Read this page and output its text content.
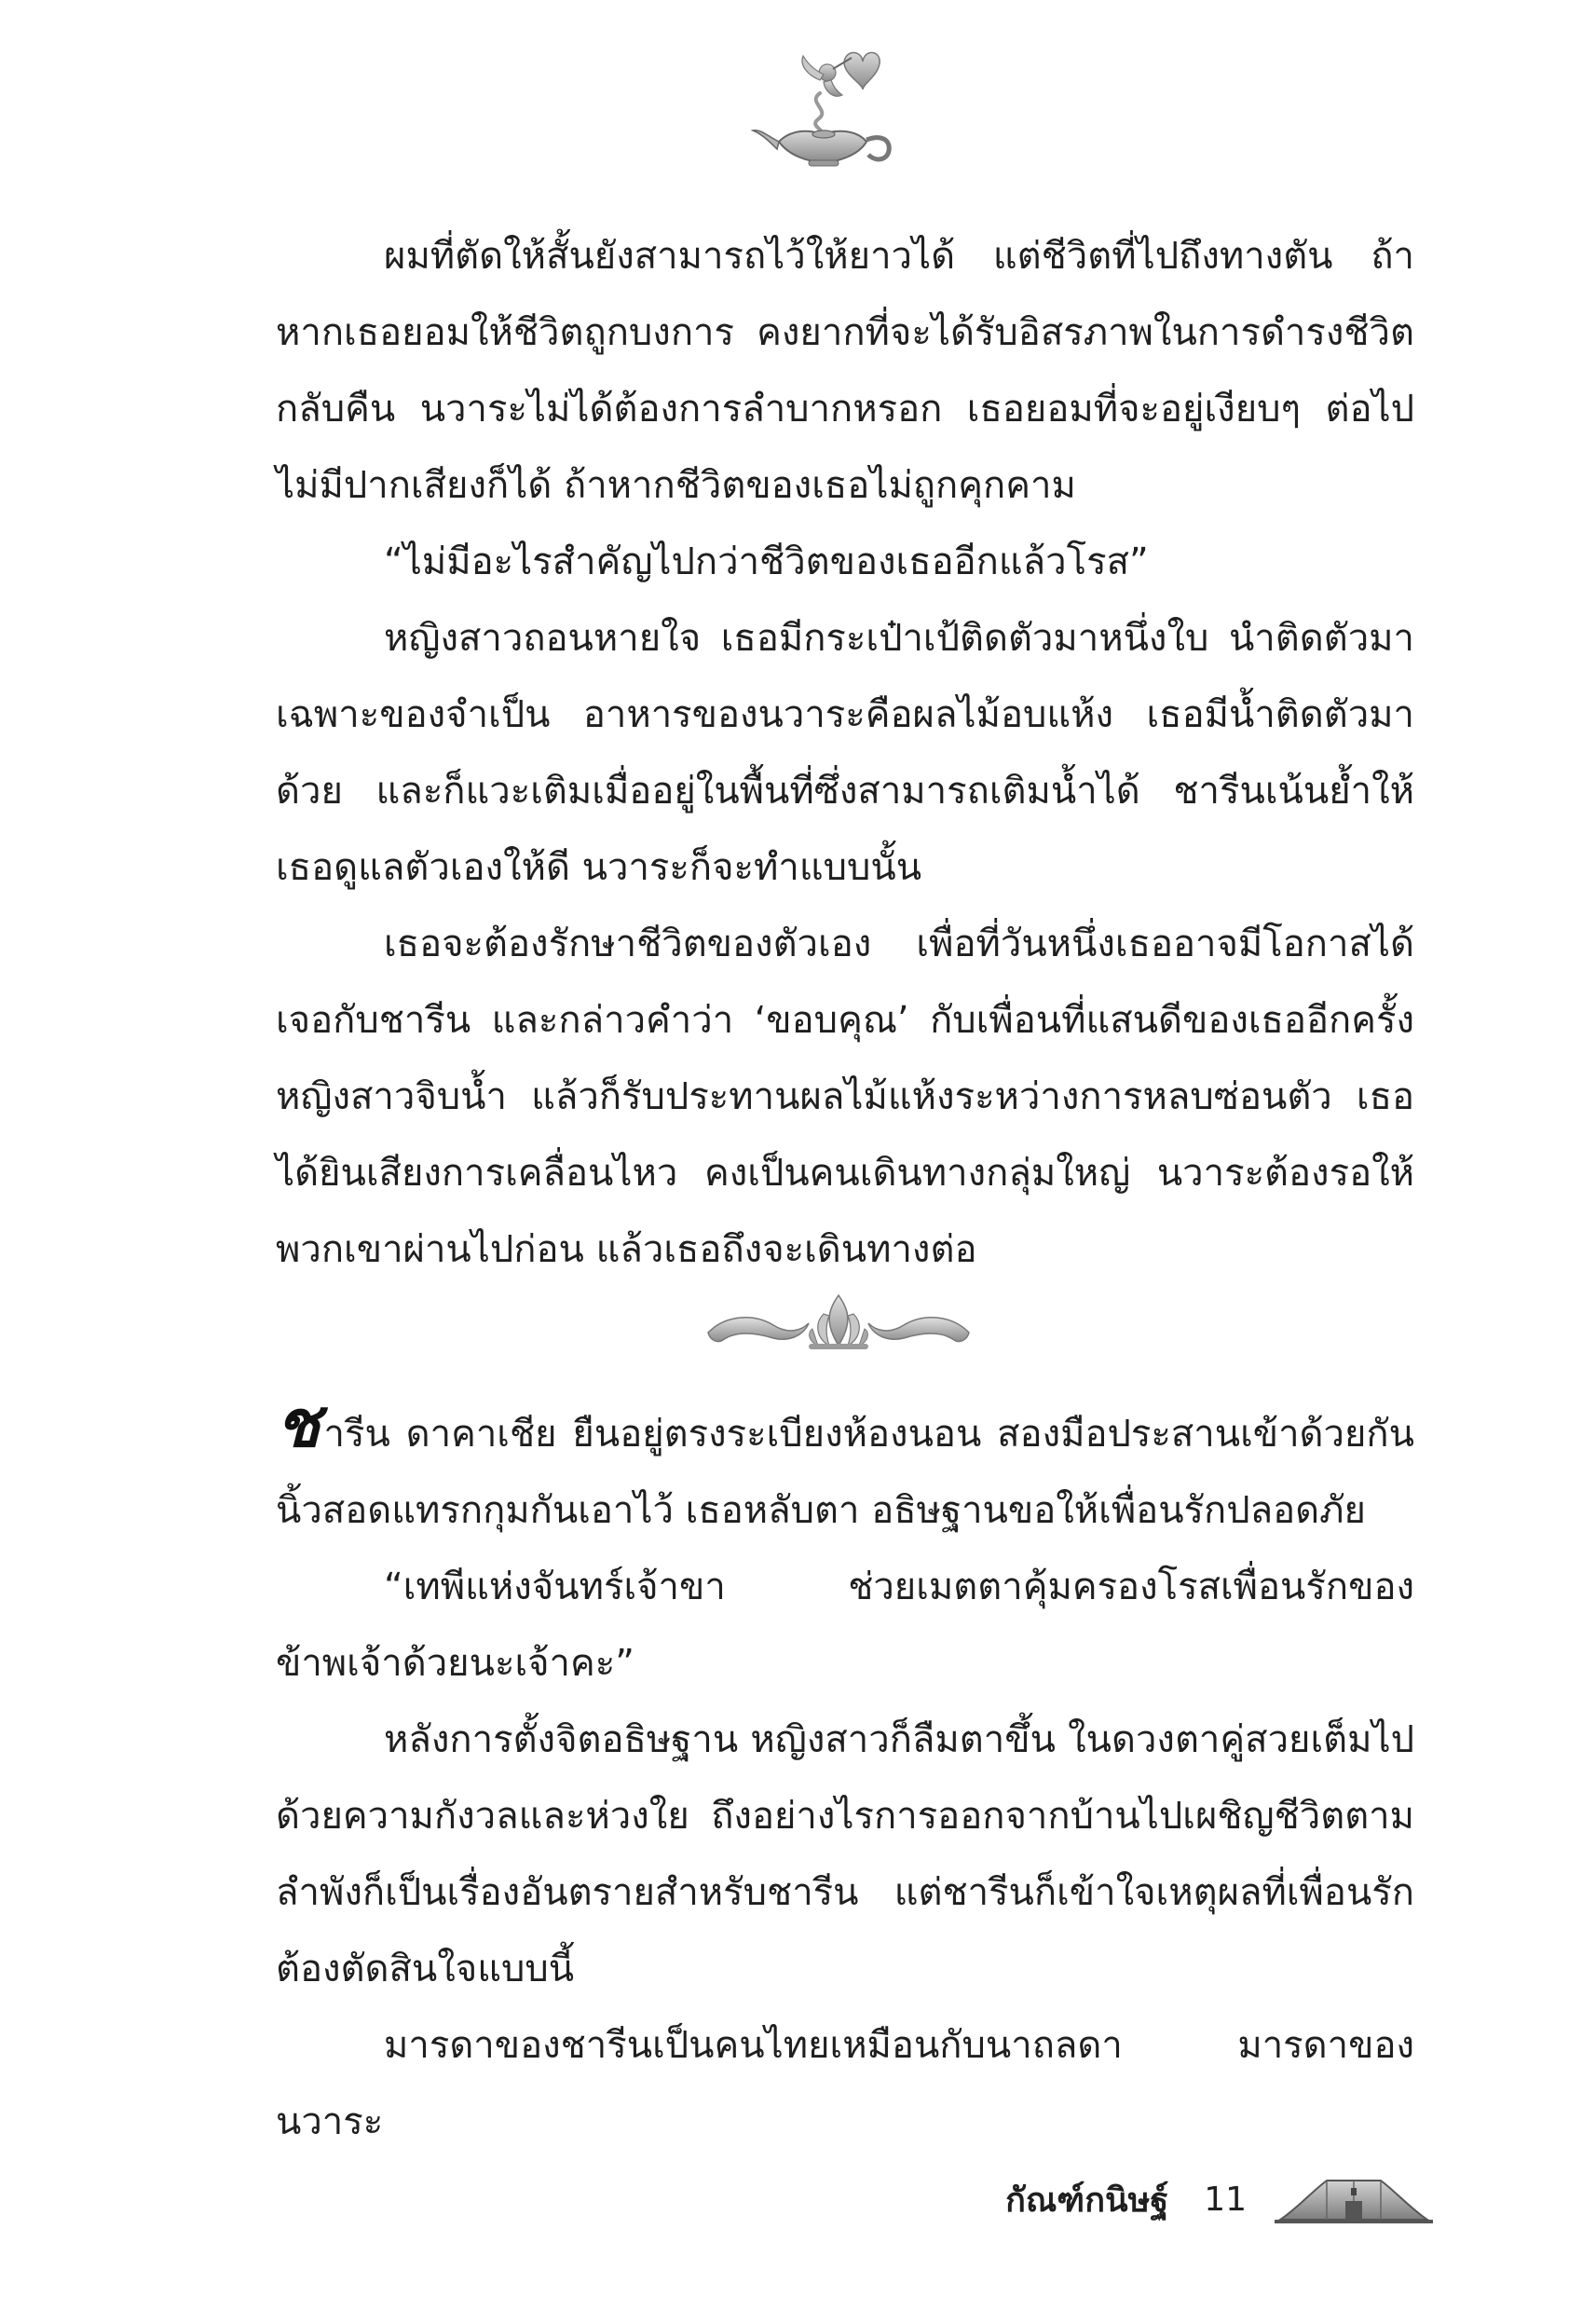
ผมที่ตัดให้สั้นยังสามารถไว้ให้ยาวได้ แต่ชีวิตที่ไปถึงทางตัน ถ้าหากเธอยอมให้ชีวิตถูกบงการ คงยากที่จะได้รับอิสรภาพในการดำรงชีวิตกลับคืน นวาระไม่ได้ต้องการลำบากหรอก เธอยอมที่จะอยู่เงียบๆ ต่อไป ไม่มีปากเสียงก็ได้ ถ้าหากชีวิตของเธอไม่ถูกคุกคาม

“ไม่มีอะไรสำคัญไปกว่าชีวิตของเธออีกแล้วโรส”

หญิงสาวถอนหายใจ เธอมีกระเป๋าเป้ติดตัวมาหนึ่งใบ นำติดตัวมาเฉพาะของจำเป็น อาหารของนวาระคือผลไม้อบแห้ง เธอมีน้ำติดตัวมาด้วย และก็แวะเติมเมื่ออยู่ในพื้นที่ซึ่งสามารถเติมน้ำได้ ชารีนเน้นย้ำให้เธอดูแลตัวเองให้ดี นวาระก็จะทำแบบนั้น

เธอจะต้องรักษาชีวิตของตัวเอง เพื่อที่วันหนึ่งเธออาจมีโอกาสได้เจอกับชารีน และกล่าวคำว่า ‘ขอบคุณ’ กับเพื่อนที่แสนดีของเธออีกครั้ง หญิงสาวจิบน้ำ แล้วก็รับประทานผลไม้แห้งระหว่างการหลบซ่อนตัว เธอได้ยินเสียงการเคลื่อนไหว คงเป็นคนเดินทางกลุ่มใหญ่ นวาระต้องรอให้พวกเขาผ่านไปก่อน แล้วเธอถึงจะเดินทางต่อ

ชารีน ดาคาเชีย ยืนอยู่ตรงระเบียงห้องนอน สองมือประสานเข้าด้วยกัน นิ้วสอดแทรกกุมกันเอาไว้ เธอหลับตา อธิษฐานขอให้เพื่อนรักปลอดภัย

“เทพีแห่งจันทร์เจ้าขา ช่วยเมตตาคุ้มครองโรสเพื่อนรักของข้าพเจ้าด้วยนะเจ้าคะ”

หลังการตั้งจิตอธิษฐาน หญิงสาวก็ลืมตาขึ้น ในดวงตาคู่สวยเต็มไปด้วยความกังวลและห่วงใย ถึงอย่างไรการออกจากบ้านไปเผชิญชีวิตตามลำพังก็เป็นเรื่องอันตรายสำหรับชารีน แต่ชารีนก็เข้าใจเหตุผลที่เพื่อนรักต้องตัดสินใจแบบนี้

มารดาของชารีนเป็นคนไทยเหมือนกับนาถลดา มารดาของนวาระ

กัณฑ์กนิษฐ์ 11
